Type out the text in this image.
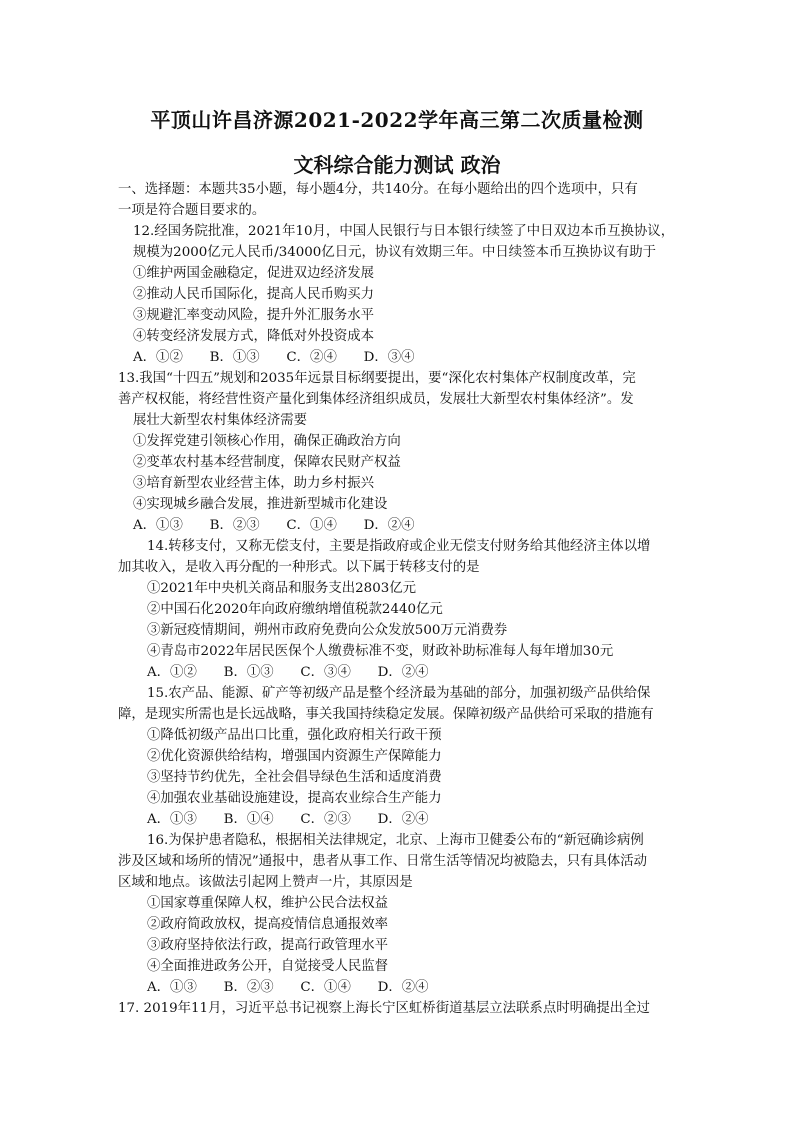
平顶山许昌济源2021-2022学年高三第二次质量检测
文科综合能力测试 政治
一、选择题：本题共35小题，每小题4分，共140分。在每小题给出的四个选项中，只有
一项是符合题目要求的。
12.经国务院批准，2021年10月，中国人民银行与日本银行续签了中日双边本币互换协议，
规模为2000亿元人民币/34000亿日元，协议有效期三年。中日续签本币互换协议有助于
①维护两国金融稳定，促进双边经济发展
②推动人民币国际化，提高人民币购买力
③规避汇率变动风险，提升外汇服务水平
④转变经济发展方式，降低对外投资成本
A．①②　　B．①③　　C．②④　　D．③④
13.我国“十四五”规划和2035年远景目标纲要提出，要“深化农村集体产权制度改革，完
善产权权能，将经营性资产量化到集体经济组织成员，发展壮大新型农村集体经济”。发
展壮大新型农村集体经济需要
①发挥党建引领核心作用，确保正确政治方向
②变革农村基本经营制度，保障农民财产权益
③培育新型农业经营主体，助力乡村振兴
④实现城乡融合发展，推进新型城市化建设
A．①③　　B．②③　　C．①④　　D．②④
14.转移支付，又称无偿支付，主要是指政府或企业无偿支付财务给其他经济主体以增
加其收入，是收入再分配的一种形式。以下属于转移支付的是
①2021年中央机关商品和服务支出2803亿元
②中国石化2020年向政府缴纳增值税款2440亿元
③新冠疫情期间，朔州市政府免费向公众发放500万元消费券
④青岛市2022年居民医保个人缴费标准不变，财政补助标准每人每年增加30元
A．①②　　B．①③　　C．③④　　D．②④
15.农产品、能源、矿产等初级产品是整个经济最为基础的部分，加强初级产品供给保
障，是现实所需也是长远战略，事关我国持续稳定发展。保障初级产品供给可采取的措施有
①降低初级产品出口比重，强化政府相关行政干预
②优化资源供给结构，增强国内资源生产保障能力
③坚持节约优先，全社会倡导绿色生活和适度消费
④加强农业基础设施建设，提高农业综合生产能力
A．①③　　B．①④　　C．②③　　D．②④
16.为保护患者隐私，根据相关法律规定，北京、上海市卫健委公布的“新冠确诊病例
涉及区域和场所的情况”通报中，患者从事工作、日常生活等情况均被隐去，只有具体活动
区域和地点。该做法引起网上赞声一片，其原因是
①国家尊重保障人权，维护公民合法权益
②政府简政放权，提高疫情信息通报效率
③政府坚持依法行政，提高行政管理水平
④全面推进政务公开，自觉接受人民监督
A．①③　　B．②③　　C．①④　　D．②④
17. 2019年11月，习近平总书记视察上海长宁区虹桥街道基层立法联系点时明确提出全过
